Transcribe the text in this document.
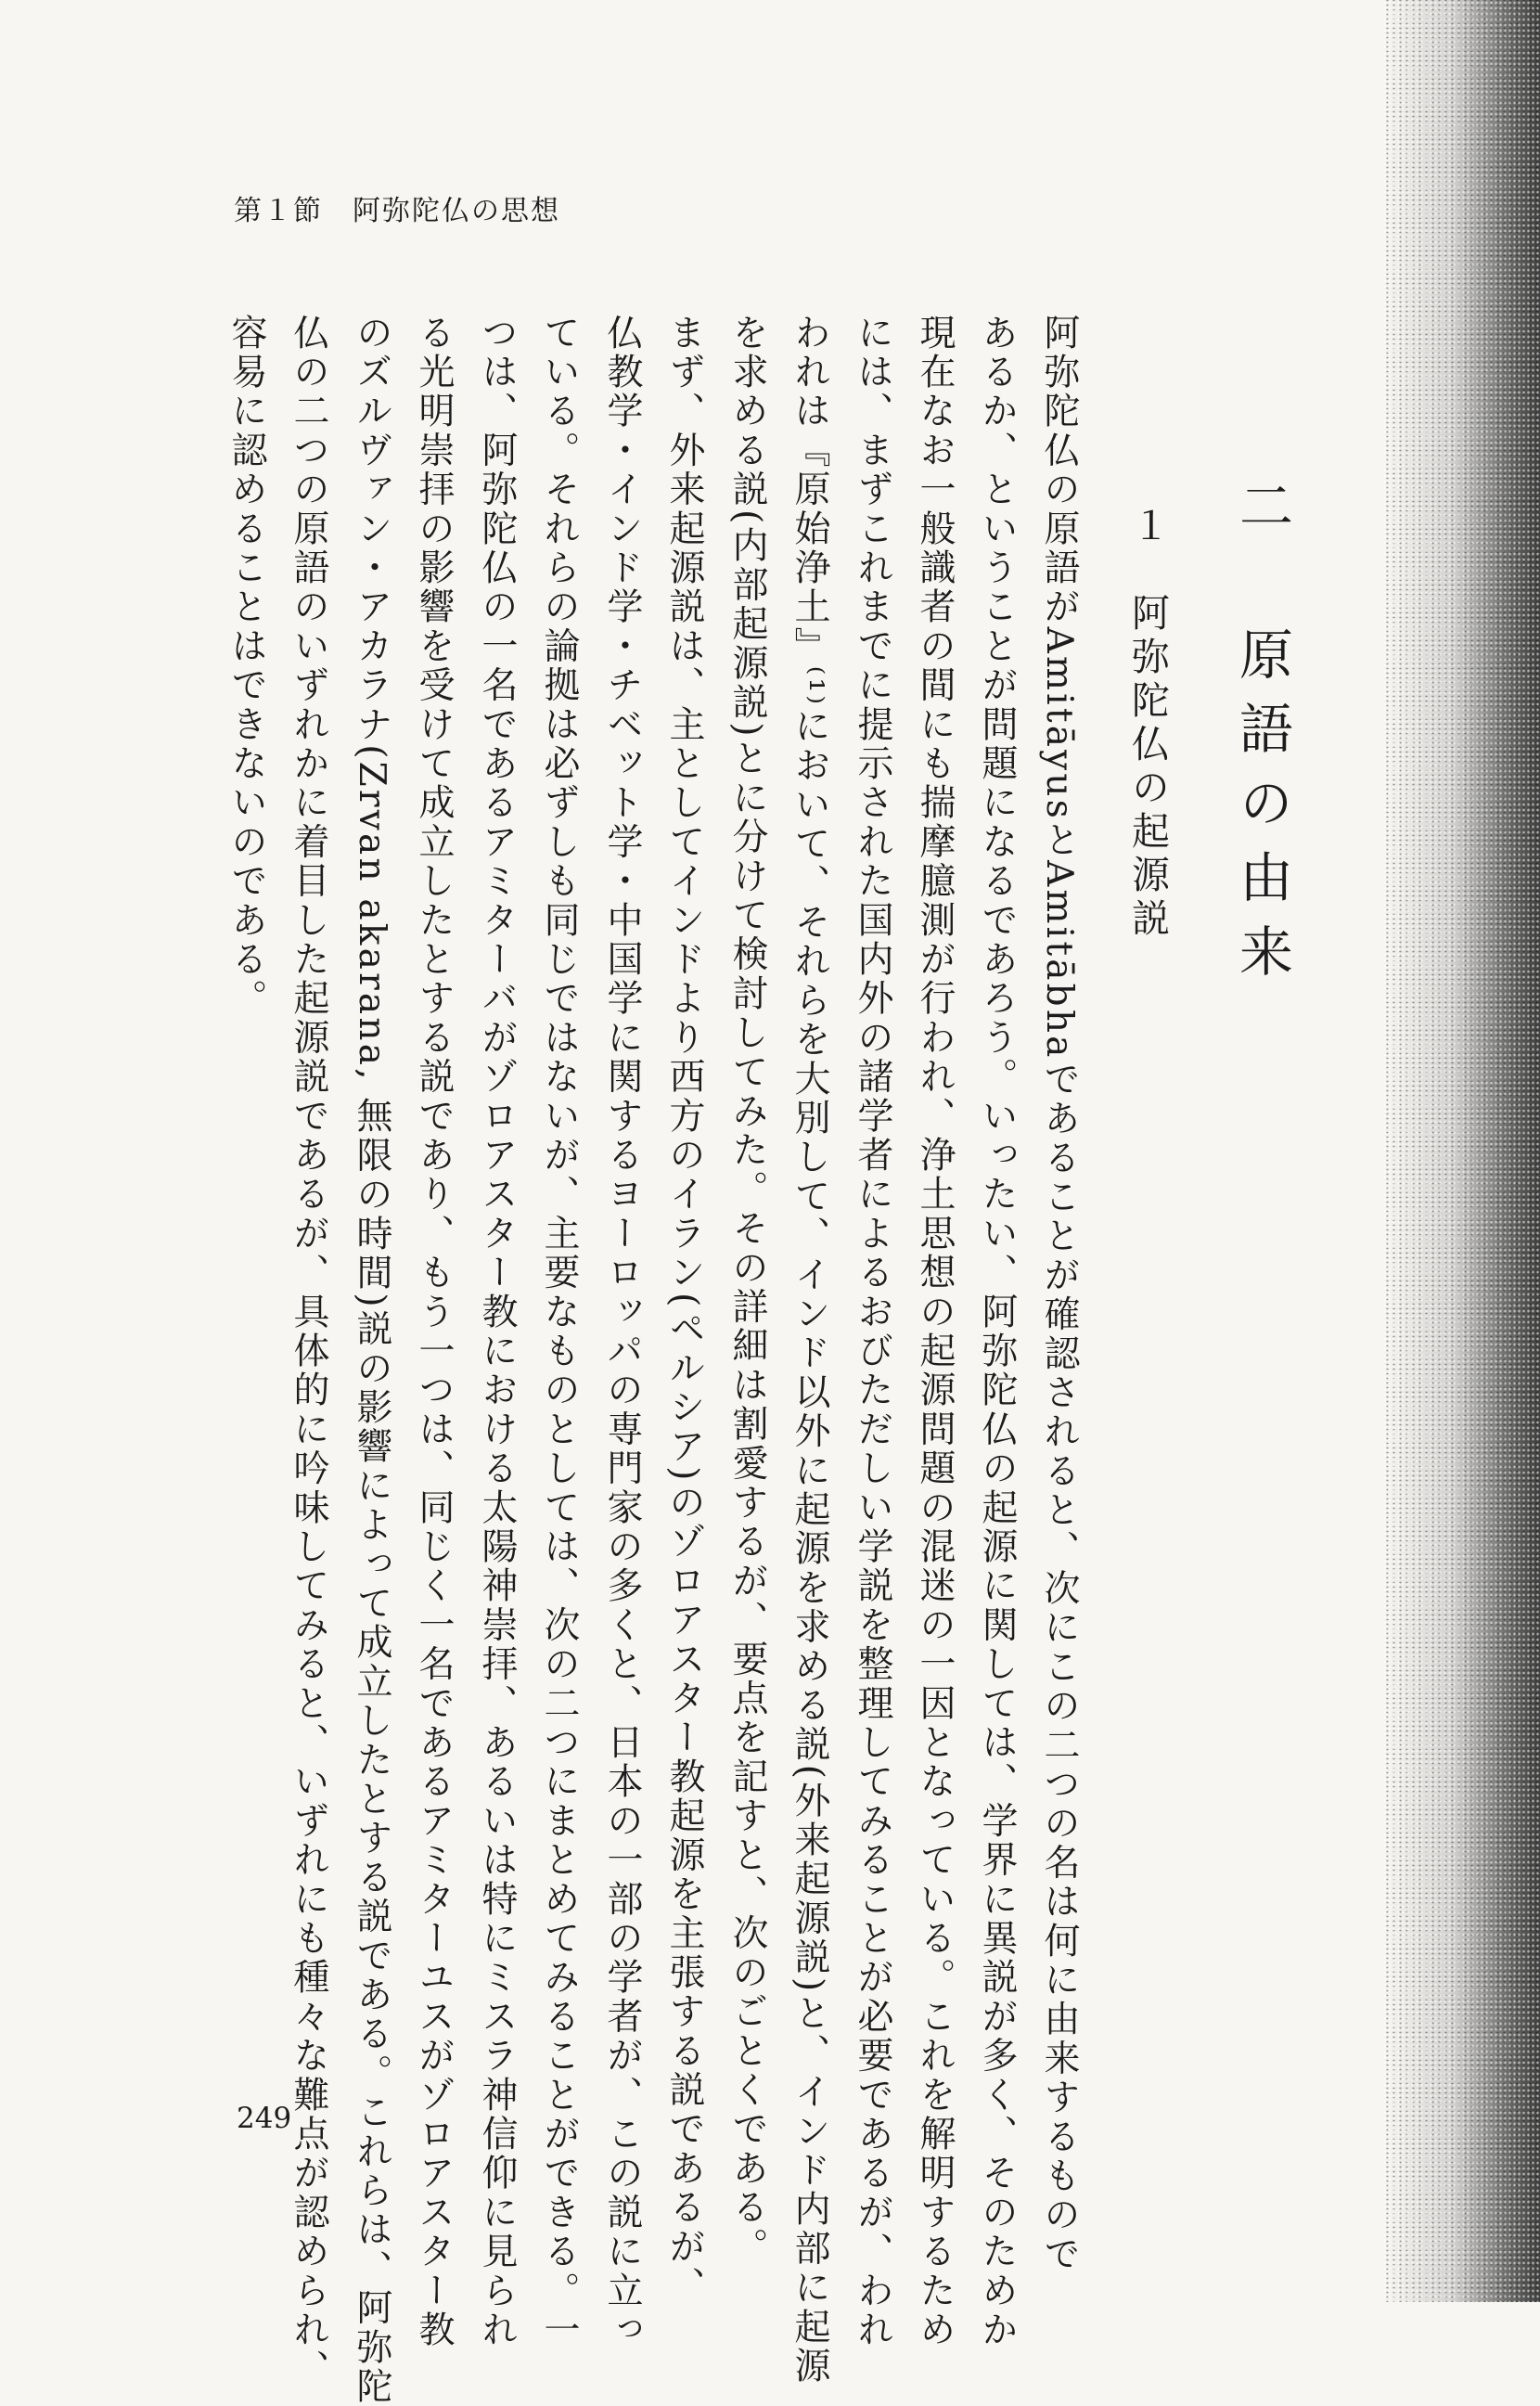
第１節　阿弥陀仏の思想
二　原語の由来
１　阿弥陀仏の起源説
阿弥陀仏の原語がAmitāyusとAmitābhaであることが確認されると、次にこの二つの名は何に由来するもので
あるか、ということが問題になるであろう。いったい、阿弥陀仏の起源に関しては、学界に異説が多く、そのためか
現在なお一般識者の間にも揣摩臆測が行われ、浄土思想の起源問題の混迷の一因となっている。これを解明するため
には、まずこれまでに提示された国内外の諸学者によるおびただしい学説を整理してみることが必要であるが、われ
われは『原始浄土』⁽¹⁾において、それらを大別して、インド以外に起源を求める説(外来起源説)と、インド内部に起源
を求める説(内部起源説)とに分けて検討してみた。その詳細は割愛するが、要点を記すと、次のごとくである。
まず、外来起源説は、主としてインドより西方のイラン(ペルシア)のゾロアスター教起源を主張する説であるが、
仏教学・インド学・チベット学・中国学に関するヨーロッパの専門家の多くと、日本の一部の学者が、この説に立っ
ている。それらの論拠は必ずしも同じではないが、主要なものとしては、次の二つにまとめてみることができる。一
つは、阿弥陀仏の一名であるアミターバがゾロアスター教における太陽神崇拝、あるいは特にミスラ神信仰に見られ
る光明崇拝の影響を受けて成立したとする説であり、もう一つは、同じく一名であるアミターユスがゾロアスター教
のズルヴァン・アカラナ(Zrvan akarana, 無限の時間)説の影響によって成立したとする説である。これらは、阿弥陀
仏の二つの原語のいずれかに着目した起源説であるが、具体的に吟味してみると、いずれにも種々な難点が認められ、
容易に認めることはできないのである。
249
